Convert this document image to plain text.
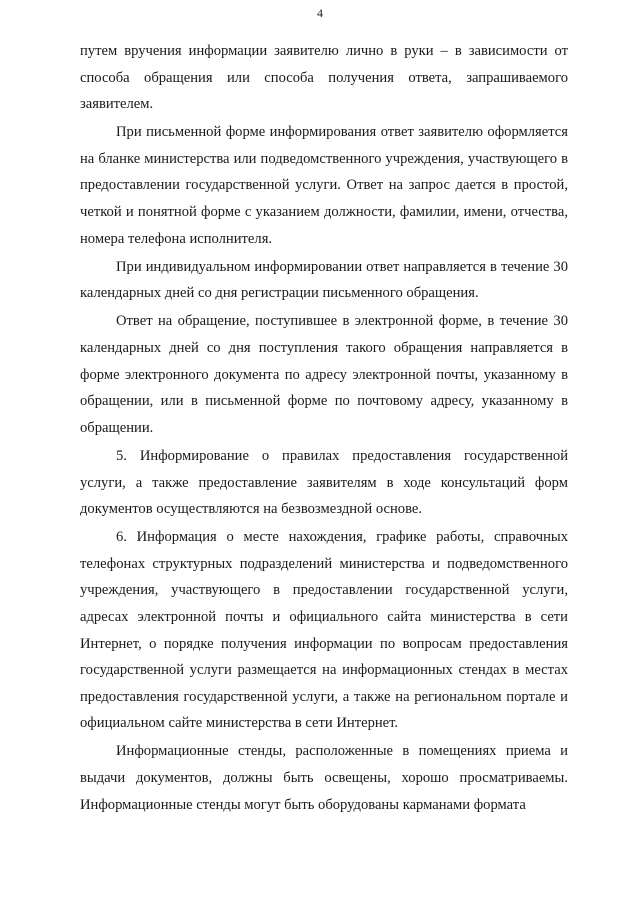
4

путем вручения информации заявителю лично в руки – в зависимости от способа обращения или способа получения ответа, запрашиваемого заявителем.

При письменной форме информирования ответ заявителю оформляется на бланке министерства или подведомственного учреждения, участвующего в предоставлении государственной услуги. Ответ на запрос дается в простой, четкой и понятной форме с указанием должности, фамилии, имени, отчества, номера телефона исполнителя.

При индивидуальном информировании ответ направляется в течение 30 календарных дней со дня регистрации письменного обращения.

Ответ на обращение, поступившее в электронной форме, в течение 30 календарных дней со дня поступления такого обращения направляется в форме электронного документа по адресу электронной почты, указанному в обращении, или в письменной форме по почтовому адресу, указанному в обращении.

5. Информирование о правилах предоставления государственной услуги, а также предоставление заявителям в ходе консультаций форм документов осуществляются на безвозмездной основе.

6. Информация о месте нахождения, графике работы, справочных телефонах структурных подразделений министерства и подведомственного учреждения, участвующего в предоставлении государственной услуги, адресах электронной почты и официального сайта министерства в сети Интернет, о порядке получения информации по вопросам предоставления государственной услуги размещается на информационных стендах в местах предоставления государственной услуги, а также на региональном портале и официальном сайте министерства в сети Интернет.

Информационные стенды, расположенные в помещениях приема и выдачи документов, должны быть освещены, хорошо просматриваемы. Информационные стенды могут быть оборудованы карманами формата
